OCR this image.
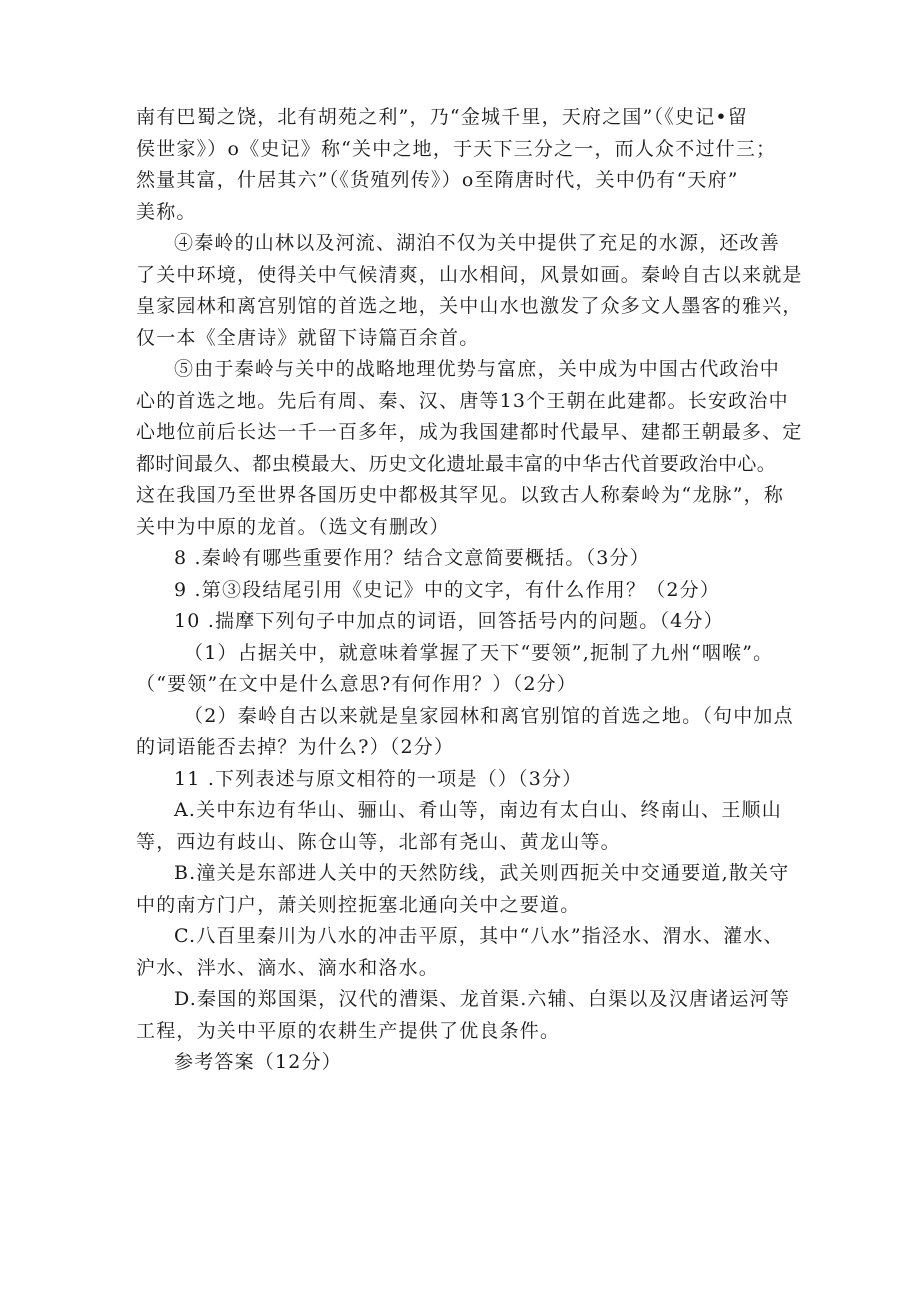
南有巴蜀之饶，北有胡苑之利”，乃“金城千里，天府之国”（《史记•留
侯世家》）o《史记》称“关中之地，于天下三分之一，而人众不过什三；
然量其富，什居其六”（《货殖列传》）o至隋唐时代，关中仍有“天府”
美称。
④秦岭的山林以及河流、湖泊不仅为关中提供了充足的水源，还改善
了关中环境，使得关中气候清爽，山水相间，风景如画。秦岭自古以来就是
皇家园林和离宫别馆的首选之地，关中山水也激发了众多文人墨客的雅兴，
仅一本《全唐诗》就留下诗篇百余首。
⑤由于秦岭与关中的战略地理优势与富庶，关中成为中国古代政治中
心的首选之地。先后有周、秦、汉、唐等13个王朝在此建都。长安政治中
心地位前后长达一千一百多年，成为我国建都时代最早、建都王朝最多、定
都时间最久、都虫模最大、历史文化遗址最丰富的中华古代首要政治中心。
这在我国乃至世界各国历史中都极其罕见。以致古人称秦岭为“龙脉”，称
关中为中原的龙首。（选文有删改）
8 .秦岭有哪些重要作用？结合文意简要概括。（3分）
9 .第③段结尾引用《史记》中的文字，有什么作用？（2分）
10 .揣摩下列句子中加点的词语，回答括号内的问题。（4分）
（1）占据关中，就意味着掌握了天下“要领”,扼制了九州“咽喉”。
（“要领”在文中是什么意思?有何作用？）（2分）
（2）秦岭自古以来就是皇家园林和离官别馆的首选之地。（句中加点
的词语能否去掉？为什么?）（2分）
11 .下列表述与原文相符的一项是（）（3分）
A.关中东边有华山、骊山、肴山等，南边有太白山、终南山、王顺山
等，西边有歧山、陈仓山等，北部有尧山、黄龙山等。
B.潼关是东部进人关中的天然防线，武关则西扼关中交通要道,散关守
中的南方门户，萧关则控扼塞北通向关中之要道。
C.八百里秦川为八水的冲击平原，其中“八水”指泾水、渭水、灌水、
沪水、泮水、滴水、滴水和洛水。
D.秦国的郑国渠，汉代的漕渠、龙首渠.六辅、白渠以及汉唐诸运河等
工程，为关中平原的农耕生产提供了优良条件。
参考答案（12分）
